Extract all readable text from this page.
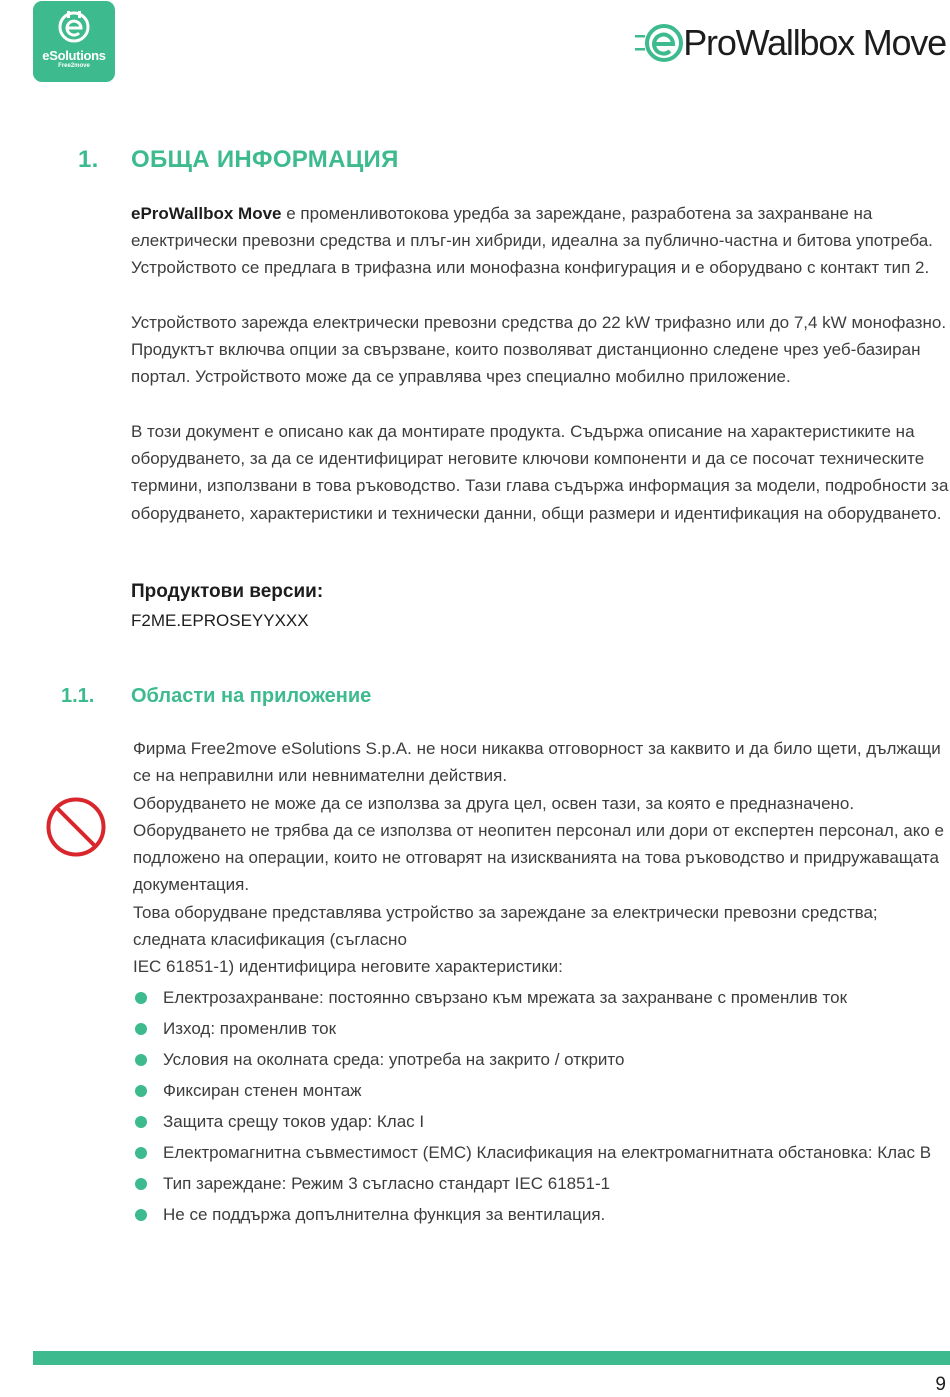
eSolutions
Free2move
ProWallbox Move
1. ОБЩА ИНФОРМАЦИЯ

eProWallbox Move е променливотокова уредба за зареждане, разработена за захранване на електрически превозни средства и плъг-ин хибриди, идеална за публично-частна и битова употреба. Устройството се предлага в трифазна или монофазна конфигурация и е оборудвано с контакт тип 2.

Устройството зарежда електрически превозни средства до 22 kW трифазно или до 7,4 kW монофазно. Продуктът включва опции за свързване, които позволяват дистанционно следене чрез уеб-базиран портал. Устройството може да се управлява чрез специално мобилно приложение.

В този документ е описано как да монтирате продукта. Съдържа описание на характеристиките на оборудването, за да се идентифицират неговите ключови компоненти и да се посочат техническите термини, използвани в това ръководство. Тази глава съдържа информация за модели, подробности за оборудването, характеристики и технически данни, общи размери и идентификация на оборудването.

Продуктови версии:
F2ME.EPROSEYYXXX
1.1. Области на приложение

Фирма Free2move eSolutions S.p.A. не носи никаква отговорност за каквито и да било щети, дължащи се на неправилни или невнимателни действия.

Оборудването не може да се използва за друга цел, освен тази, за която е предназначено.

Оборудването не трябва да се използва от неопитен персонал или дори от експертен персонал, ако е подложено на операции, които не отговарят на изискванията на това ръководство и придружаващата документация.

Това оборудване представлява устройство за зареждане за електрически превозни средства; следната класификация (съгласно

IEC 61851-1) идентифицира неговите характеристики:

Електрозахранване: постоянно свързано към мрежата за захранване с променлив ток
Изход: променлив ток
Условия на околната среда: употреба на закрито / открито
Фиксиран стенен монтаж
Защита срещу токов удар: Клас I
Електромагнитна съвместимост (EMC) Класификация на електромагнитната обстановка: Клас B
Тип зареждане: Режим 3 съгласно стандарт IEC 61851-1
Не се поддържа допълнителна функция за вентилация.
9
